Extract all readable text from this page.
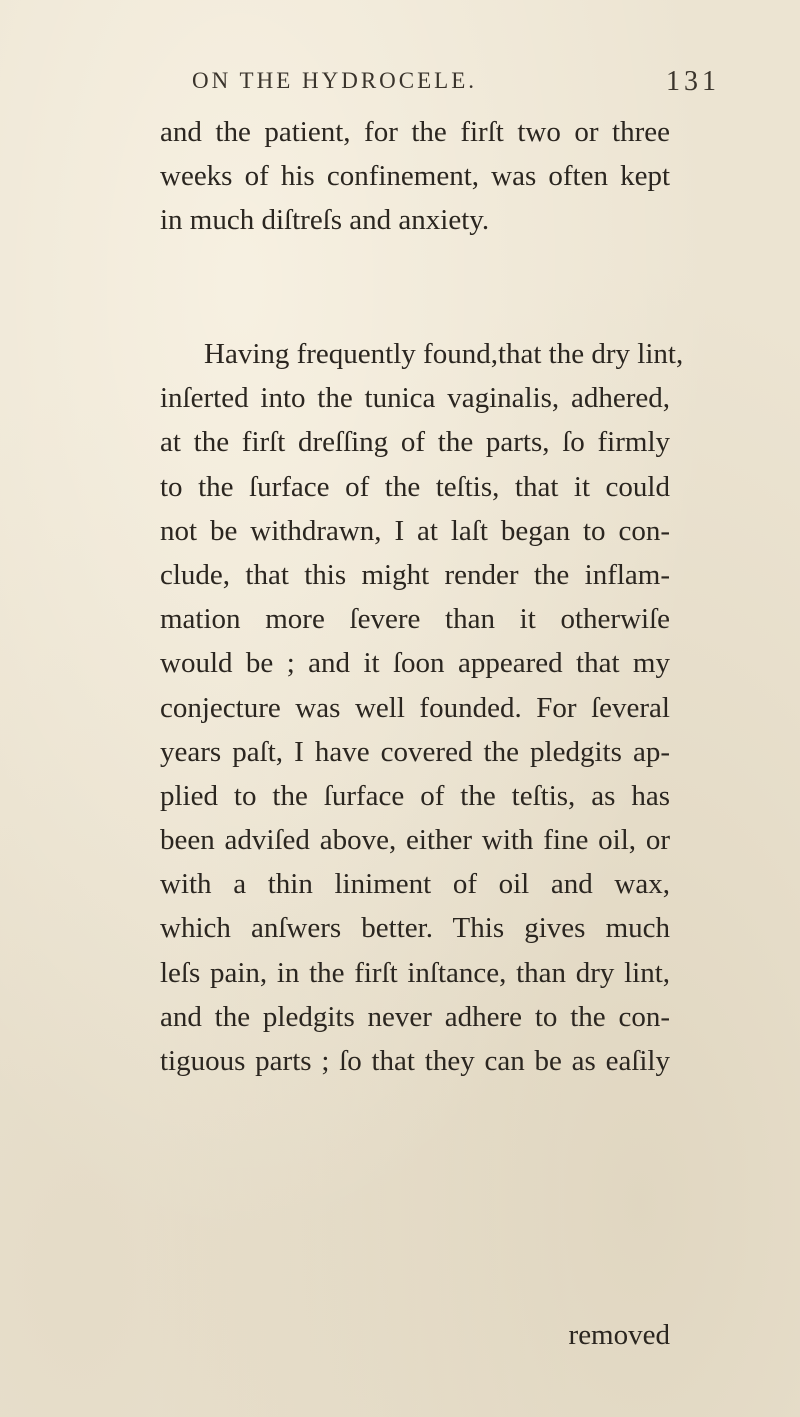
ON THE HYDROCELE.	131
and the patient, for the firſt two or three
weeks of his confinement, was often kept
in much diſtreſs and anxiety.
Having frequently found,that the dry lint,
inſerted into the tunica vaginalis, adhered,
at the firſt dreſſing of the parts, ſo firmly
to the ſurface of the teſtis, that it could
not be withdrawn, I at laſt began to con-
clude, that this might render the inflam-
mation more ſevere than it otherwiſe
would be ; and it ſoon appeared that my
conjecture was well founded. For ſeveral
years paſt, I have covered the pledgits ap-
plied to the ſurface of the teſtis, as has
been adviſed above, either with fine oil, or
with a thin liniment of oil and wax,
which anſwers better. This gives much
leſs pain, in the firſt inſtance, than dry lint,
and the pledgits never adhere to the con-
tiguous parts ; ſo that they can be as eaſily
removed
